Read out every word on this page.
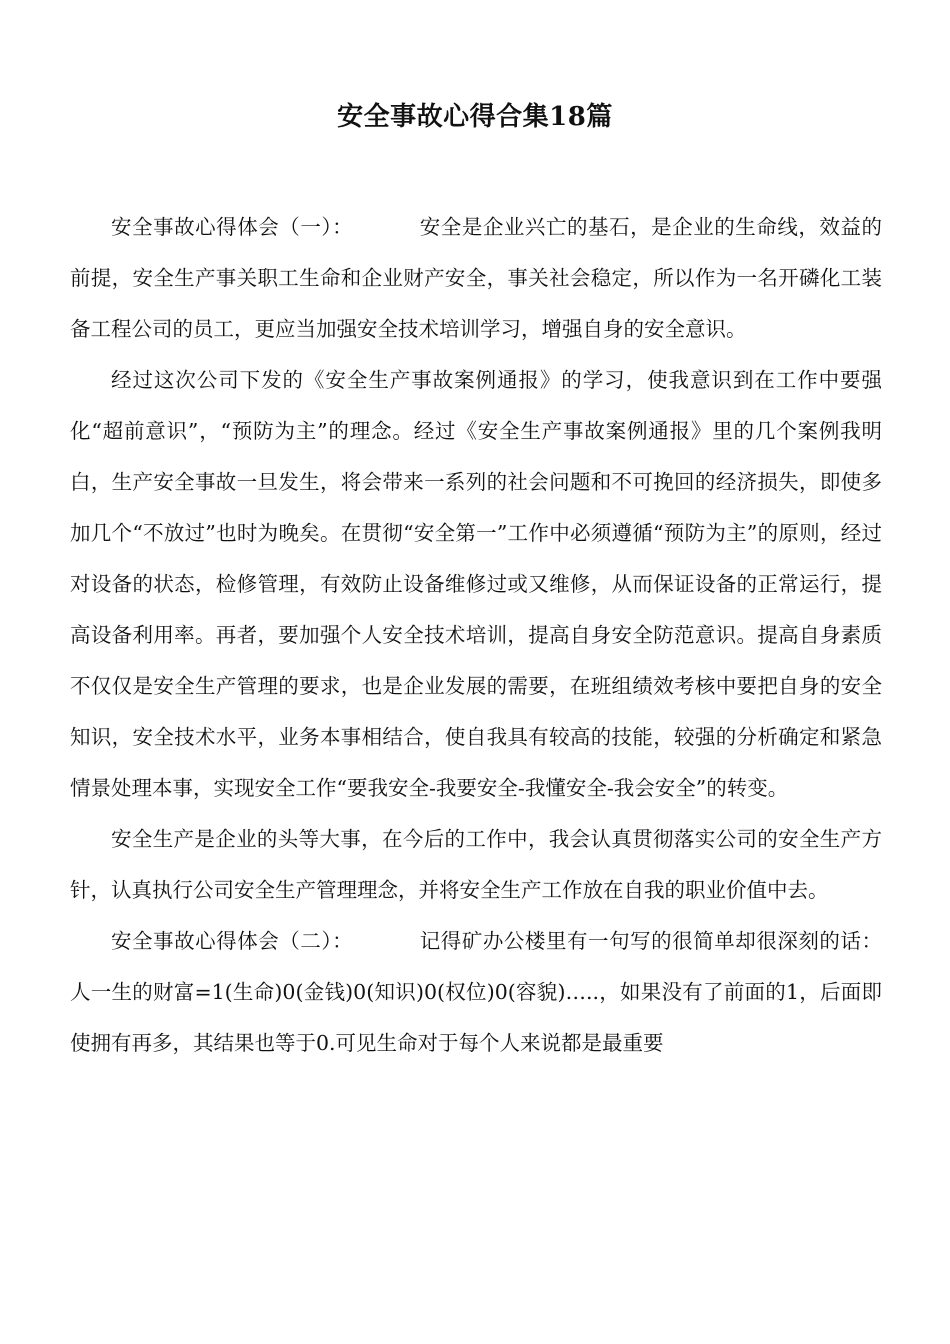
安全事故心得合集18篇

安全事故心得体会（一）：	安全是企业兴亡的基石，是企业的生命线，效益的前提，安全生产事关职工生命和企业财产安全，事关社会稳定，所以作为一名开磷化工装备工程公司的员工，更应当加强安全技术培训学习，增强自身的安全意识。

经过这次公司下发的《安全生产事故案例通报》的学习，使我意识到在工作中要强化“超前意识”，“预防为主”的理念。经过《安全生产事故案例通报》里的几个案例我明白，生产安全事故一旦发生，将会带来一系列的社会问题和不可挽回的经济损失，即使多加几个“不放过”也时为晚矣。在贯彻“安全第一”工作中必须遵循“预防为主”的原则，经过对设备的状态，检修管理，有效防止设备维修过或又维修，从而保证设备的正常运行，提高设备利用率。再者，要加强个人安全技术培训，提高自身安全防范意识。提高自身素质不仅仅是安全生产管理的要求，也是企业发展的需要，在班组绩效考核中要把自身的安全知识，安全技术水平，业务本事相结合，使自我具有较高的技能，较强的分析确定和紧急情景处理本事，实现安全工作“要我安全-我要安全-我懂安全-我会安全”的转变。

安全生产是企业的头等大事，在今后的工作中，我会认真贯彻落实公司的安全生产方针，认真执行公司安全生产管理理念，并将安全生产工作放在自我的职业价值中去。

安全事故心得体会（二）：	记得矿办公楼里有一句写的很简单却很深刻的话：人一生的财富=1(生命)0(金钱)0(知识)0(权位)0(容貌)…..，如果没有了前面的1，后面即使拥有再多，其结果也等于0.可见生命对于每个人来说都是最重要
